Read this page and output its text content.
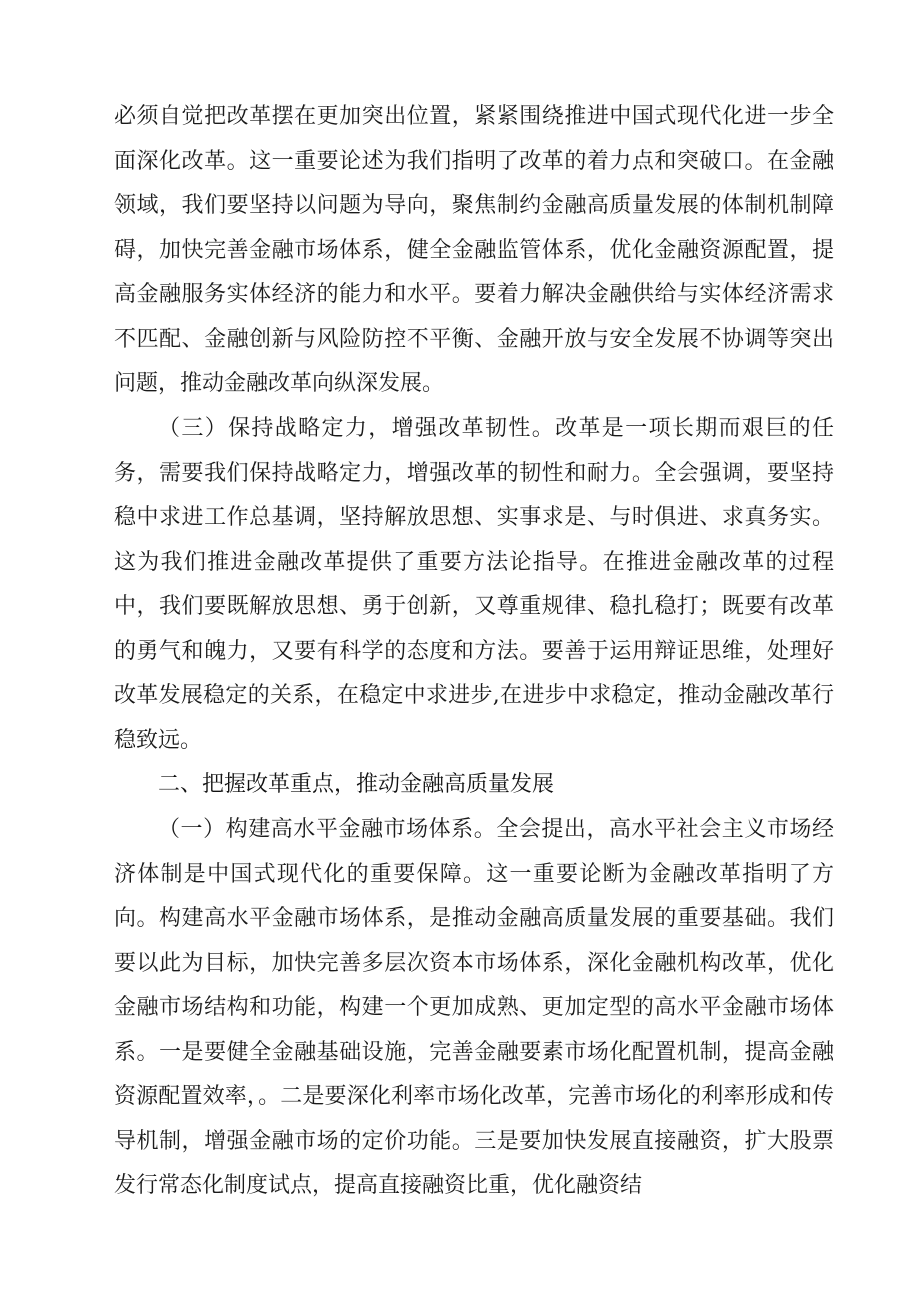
必须自觉把改革摆在更加突出位置，紧紧围绕推进中国式现代化进一步全面深化改革。这一重要论述为我们指明了改革的着力点和突破口。在金融领域，我们要坚持以问题为导向，聚焦制约金融高质量发展的体制机制障碍，加快完善金融市场体系，健全金融监管体系，优化金融资源配置，提高金融服务实体经济的能力和水平。要着力解决金融供给与实体经济需求不匹配、金融创新与风险防控不平衡、金融开放与安全发展不协调等突出问题，推动金融改革向纵深发展。

（三）保持战略定力，增强改革韧性。改革是一项长期而艰巨的任务，需要我们保持战略定力，增强改革的韧性和耐力。全会强调，要坚持稳中求进工作总基调，坚持解放思想、实事求是、与时俱进、求真务实。这为我们推进金融改革提供了重要方法论指导。在推进金融改革的过程中，我们要既解放思想、勇于创新，又尊重规律、稳扎稳打；既要有改革的勇气和魄力，又要有科学的态度和方法。要善于运用辩证思维，处理好改革发展稳定的关系，在稳定中求进步,在进步中求稳定，推动金融改革行稳致远。

二、把握改革重点，推动金融高质量发展

（一）构建高水平金融市场体系。全会提出，高水平社会主义市场经济体制是中国式现代化的重要保障。这一重要论断为金融改革指明了方向。构建高水平金融市场体系，是推动金融高质量发展的重要基础。我们要以此为目标，加快完善多层次资本市场体系，深化金融机构改革，优化金融市场结构和功能，构建一个更加成熟、更加定型的高水平金融市场体系。一是要健全金融基础设施，完善金融要素市场化配置机制，提高金融资源配置效率，。二是要深化利率市场化改革，完善市场化的利率形成和传导机制，增强金融市场的定价功能。三是要加快发展直接融资，扩大股票发行常态化制度试点，提高直接融资比重，优化融资结
